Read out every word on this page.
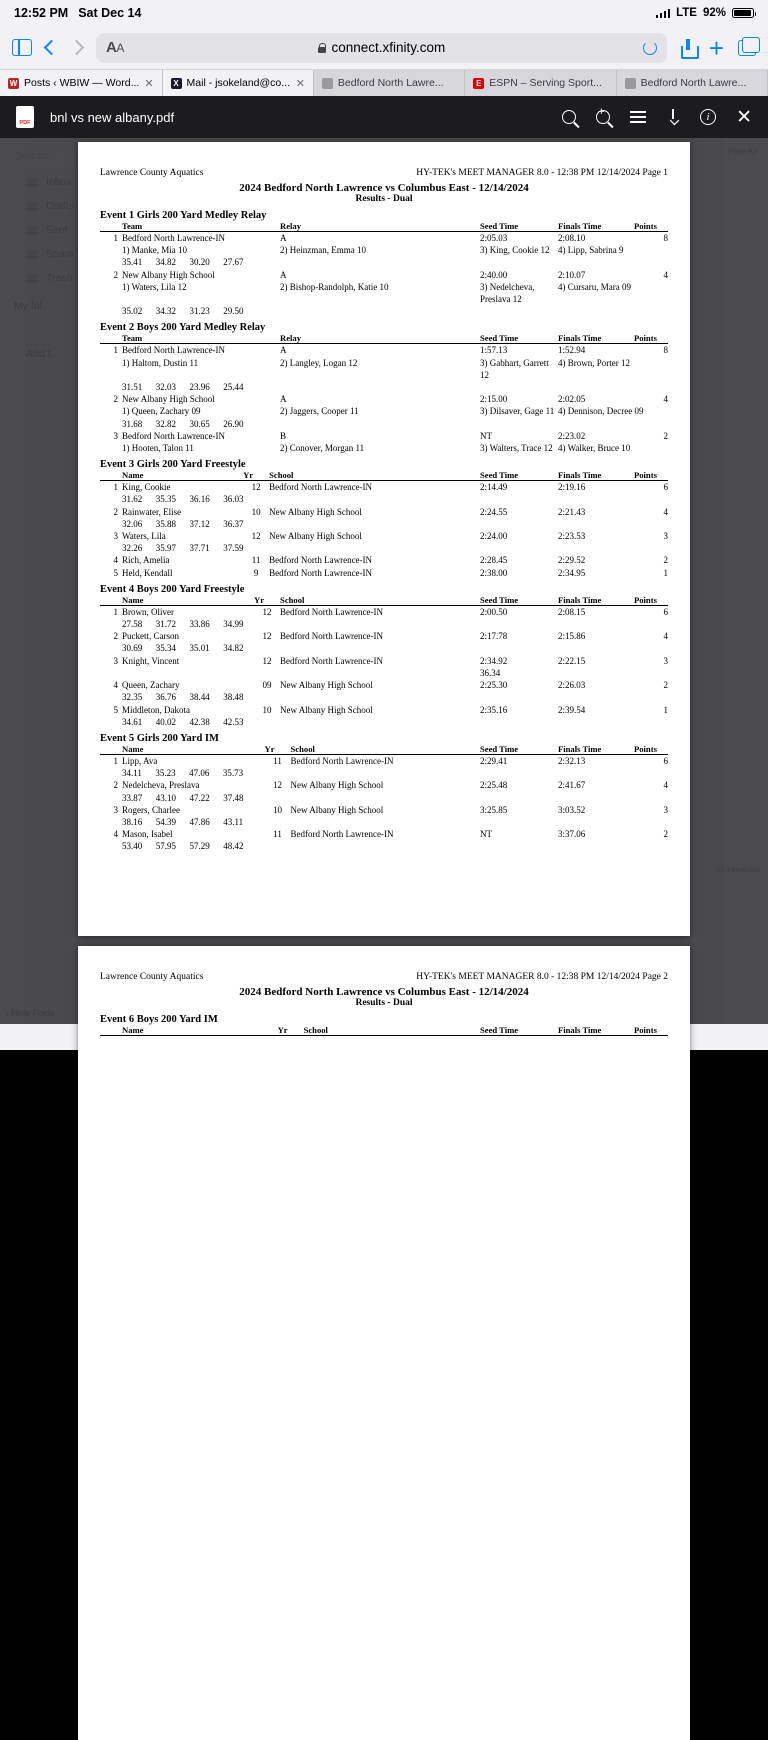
12:52 PM Sat Dec 14	LTE 92%
AA	connect.xfinity.com	+
W Posts ‹ WBIW — Word... ✕	X Mail - jsokeland@co... ✕	Bedford North Lawre...	E ESPN – Serving Sport...	Bedford North Lawre...
PDF
bnl vs new albany.pdf +	i	✕
Lawrence County Aquatics	HY-TEK's MEET MANAGER 8.0 - 12:38 PM 12/14/2024 Page 1
2024 Bedford North Lawrence vs Columbus East - 12/14/2024
Results - Dual
Event 1 Girls 200 Yard Medley Relay
	Team	Relay	Seed Time	Finals Time	Points
1	Bedford North Lawrence-IN	A	2:05.03	2:08.10	8
	1) Manke, Mia 10	2) Heinzman, Emma 10	3) King, Cookie 12	4) Lipp, Sabrina 9	
	35.41      34.82      30.20      27.67				
2	New Albany High School	A	2:40.00	2:10.07	4
	1) Waters, Lila 12	2) Bishop-Randolph, Katie 10	3) Nedelcheva, Preslava 12	4) Cursaru, Mara 09	
	35.02      34.32      31.23      29.50				
Event 2 Boys 200 Yard Medley Relay
	Team	Relay	Seed Time	Finals Time	Points
1	Bedford North Lawrence-IN	A	1:57.13	1:52.94	8
	1) Haltom, Dustin 11	2) Langley, Logan 12	3) Gabhart, Garrett 12	4) Brown, Porter 12	
	31.51      32.03      23.96      25.44				
2	New Albany High School	A	2:15.00	2:02.05	4
	1) Queen, Zachary 09	2) Jaggers, Cooper 11	3) Dilsaver, Gage 11	4) Dennison, Decree 09	
	31.68      32.82      30.65      26.90				
3	Bedford North Lawrence-IN	B	NT	2:23.02	2
	1) Hooten, Talon 11	2) Conover, Morgan 11	3) Walters, Trace 12	4) Walker, Bruce 10	
Event 3 Girls 200 Yard Freestyle
	Name	Yr	School	Seed Time	Finals Time	Points
1	King, Cookie	12	Bedford North Lawrence-IN	2:14.49	2:19.16	6
	31.62      35.35      36.16      36.03					
2	Rainwater, Elise	10	New Albany High School	2:24.55	2:21.43	4
	32.06      35.88      37.12      36.37					
3	Waters, Lila	12	New Albany High School	2:24.00	2:23.53	3
	32.26      35.97      37.71      37.59					
4	Rich, Amelia	11	Bedford North Lawrence-IN	2:28.45	2:29.52	2
5	Held, Kendall	9	Bedford North Lawrence-IN	2:38.00	2:34.95	1
Event 4 Boys 200 Yard Freestyle
	Name	Yr	School	Seed Time	Finals Time	Points
1	Brown, Oliver	12	Bedford North Lawrence-IN	2:00.50	2:08.15	6
	27.58      31.72      33.86      34.99					
2	Puckett, Carson	12	Bedford North Lawrence-IN	2:17.78	2:15.86	4
	30.69      35.34      35.01      34.82					
3	Knight, Vincent	12	Bedford North Lawrence-IN	2:34.92	2:22.15	3
				36.34		
4	Queen, Zachary	09	New Albany High School	2:25.30	2:26.03	2
	32.35      36.76      38.44      38.48					
5	Middleton, Dakota	10	New Albany High School	2:35.16	2:39.54	1
	34.61      40.02      42.38      42.53					
Event 5 Girls 200 Yard IM
	Name	Yr	School	Seed Time	Finals Time	Points
1	Lipp, Ava	11	Bedford North Lawrence-IN	2:29.41	2:32.13	6
	34.11      35.23      47.06      35.73					
2	Nedelcheva, Preslava	12	New Albany High School	2:25.48	2:41.67	4
	33.87      43.10      47.22      37.48					
3	Rogers, Charlee	10	New Albany High School	3:25.85	3:03.52	3
	38.16      54.39      47.86      43.11					
4	Mason, Isabel	11	Bedford North Lawrence-IN	NT	3:37.06	2
	53.40      57.95      57.29      48.42					
Lawrence County Aquatics	HY-TEK's MEET MANAGER 8.0 - 12:38 PM 12/14/2024 Page 2
2024 Bedford North Lawrence vs Columbus East - 12/14/2024
Results - Dual
Event 6 Boys 200 Yard IM
	Name	Yr	School	Seed Time	Finals Time	Points
